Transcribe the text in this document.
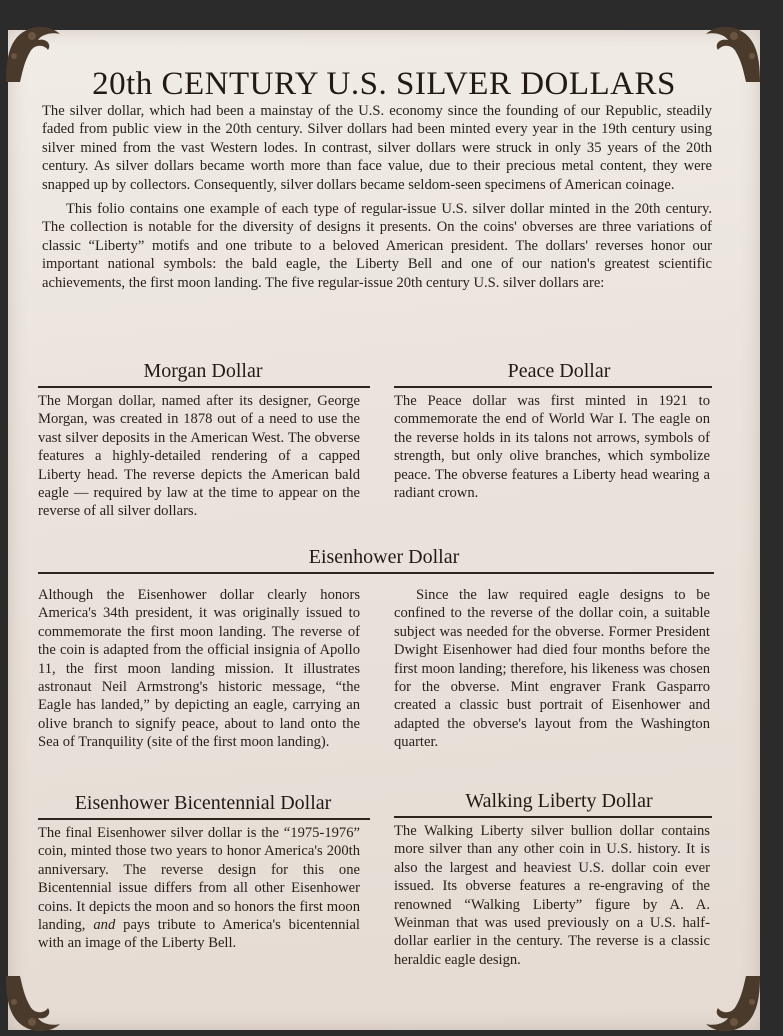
20th CENTURY U.S. SILVER DOLLARS

The silver dollar, which had been a mainstay of the U.S. economy since the founding of our Republic, steadily faded from public view in the 20th century. Silver dollars had been minted every year in the 19th century using silver mined from the vast Western lodes. In contrast, silver dollars were struck in only 35 years of the 20th century. As silver dollars became worth more than face value, due to their precious metal content, they were snapped up by collectors. Consequently, silver dollars became seldom-seen specimens of American coinage.

This folio contains one example of each type of regular-issue U.S. silver dollar minted in the 20th century. The collection is notable for the diversity of designs it presents. On the coins' obverses are three variations of classic “Liberty” motifs and one tribute to a beloved American president. The dollars' reverses honor our important national symbols: the bald eagle, the Liberty Bell and one of our nation's greatest scientific achievements, the first moon landing. The five regular-issue 20th century U.S. silver dollars are:

Morgan Dollar

The Morgan dollar, named after its designer, George Morgan, was created in 1878 out of a need to use the vast silver deposits in the American West. The obverse features a highly-detailed rendering of a capped Liberty head. The reverse depicts the American bald eagle — required by law at the time to appear on the reverse of all silver dollars.

Peace Dollar

The Peace dollar was first minted in 1921 to commemorate the end of World War I. The eagle on the reverse holds in its talons not arrows, symbols of strength, but only olive branches, which symbolize peace. The obverse features a Liberty head wearing a radiant crown.

Eisenhower Dollar

Although the Eisenhower dollar clearly honors America's 34th president, it was originally issued to commemorate the first moon landing. The reverse of the coin is adapted from the official insignia of Apollo 11, the first moon landing mission. It illustrates astronaut Neil Armstrong's historic message, “the Eagle has landed,” by depicting an eagle, carrying an olive branch to signify peace, about to land onto the Sea of Tranquility (site of the first moon landing).

Since the law required eagle designs to be confined to the reverse of the dollar coin, a suitable subject was needed for the obverse. Former President Dwight Eisenhower had died four months before the first moon landing; therefore, his likeness was chosen for the obverse. Mint engraver Frank Gasparro created a classic bust portrait of Eisenhower and adapted the obverse's layout from the Washington quarter.

Eisenhower Bicentennial Dollar

The final Eisenhower silver dollar is the “1975-1976” coin, minted those two years to honor America's 200th anniversary. The reverse design for this one Bicentennial issue differs from all other Eisenhower coins. It depicts the moon and so honors the first moon landing, and pays tribute to America's bicentennial with an image of the Liberty Bell.

Walking Liberty Dollar

The Walking Liberty silver bullion dollar contains more silver than any other coin in U.S. history. It is also the largest and heaviest U.S. dollar coin ever issued. Its obverse features a re-engraving of the renowned “Walking Liberty” figure by A. A. Weinman that was used previously on a U.S. half-dollar earlier in the century. The reverse is a classic heraldic eagle design.
